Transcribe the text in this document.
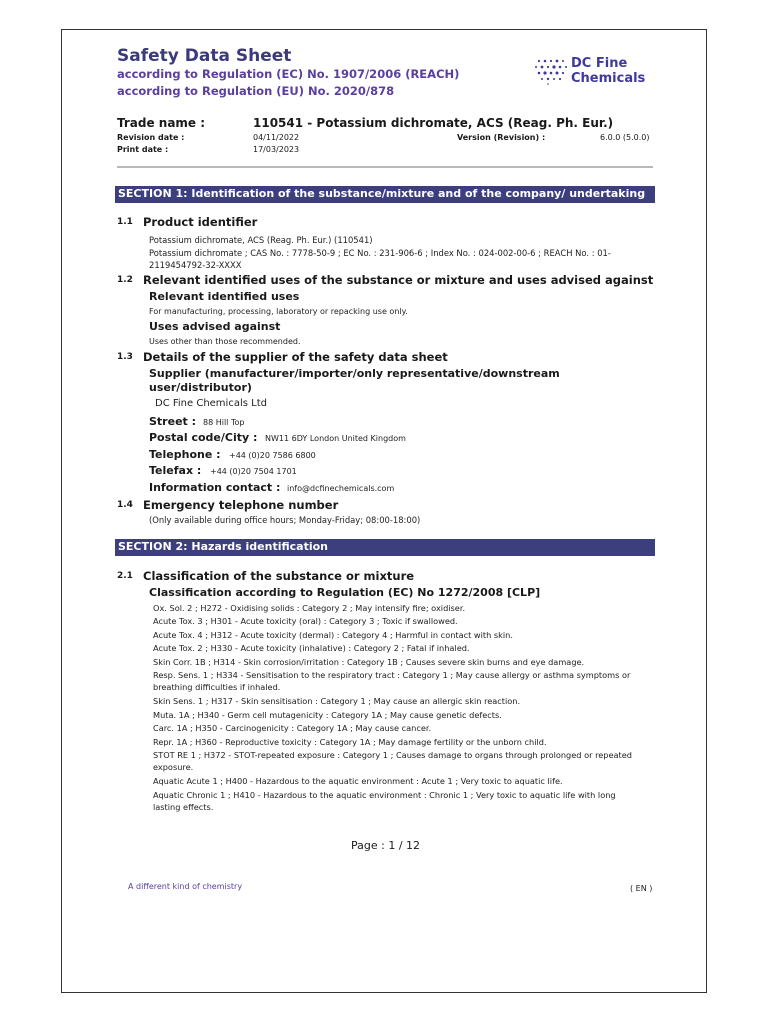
Safety Data Sheet
according to Regulation (EC) No. 1907/2006 (REACH)
according to Regulation (EU) No. 2020/878
DC Fine
Chemicals
Trade name :	110541 - Potassium dichromate, ACS (Reag. Ph. Eur.)
Revision date :	04/11/2022
Print date :	17/03/2023
Version (Revision) :	6.0.0 (5.0.0)
SECTION 1: Identification of the substance/mixture and of the company/ undertaking
1.1 Product identifier
Potassium dichromate, ACS (Reag. Ph. Eur.) (110541)
Potassium dichromate ; CAS No. : 7778-50-9 ; EC No. : 231-906-6 ; Index No. : 024-002-00-6 ; REACH No. : 01-
2119454792-32-XXXX
1.2 Relevant identified uses of the substance or mixture and uses advised against
Relevant identified uses
For manufacturing, processing, laboratory or repacking use only.
Uses advised against
Uses other than those recommended.
1.3 Details of the supplier of the safety data sheet
Supplier (manufacturer/importer/only representative/downstream
user/distributor)
DC Fine Chemicals Ltd
Street : 88 Hill Top
Postal code/City : NW11 6DY London United Kingdom
Telephone : +44 (0)20 7586 6800
Telefax : +44 (0)20 7504 1701
Information contact : info@dcfinechemicals.com
1.4 Emergency telephone number
(Only available during office hours; Monday-Friday; 08:00-18:00)
SECTION 2: Hazards identification
2.1 Classification of the substance or mixture
Classification according to Regulation (EC) No 1272/2008 [CLP]
Ox. Sol. 2 ; H272 - Oxidising solids : Category 2 ; May intensify fire; oxidiser.
Acute Tox. 3 ; H301 - Acute toxicity (oral) : Category 3 ; Toxic if swallowed.
Acute Tox. 4 ; H312 - Acute toxicity (dermal) : Category 4 ; Harmful in contact with skin.
Acute Tox. 2 ; H330 - Acute toxicity (inhalative) : Category 2 ; Fatal if inhaled.
Skin Corr. 1B ; H314 - Skin corrosion/irritation : Category 1B ; Causes severe skin burns and eye damage.
Resp. Sens. 1 ; H334 - Sensitisation to the respiratory tract : Category 1 ; May cause allergy or asthma symptoms or
breathing difficulties if inhaled.
Skin Sens. 1 ; H317 - Skin sensitisation : Category 1 ; May cause an allergic skin reaction.
Muta. 1A ; H340 - Germ cell mutagenicity : Category 1A ; May cause genetic defects.
Carc. 1A ; H350 - Carcinogenicity : Category 1A ; May cause cancer.
Repr. 1A ; H360 - Reproductive toxicity : Category 1A ; May damage fertility or the unborn child.
STOT RE 1 ; H372 - STOT-repeated exposure : Category 1 ; Causes damage to organs through prolonged or repeated
exposure.
Aquatic Acute 1 ; H400 - Hazardous to the aquatic environment : Acute 1 ; Very toxic to aquatic life.
Aquatic Chronic 1 ; H410 - Hazardous to the aquatic environment : Chronic 1 ; Very toxic to aquatic life with long
lasting effects.
Page : 1 / 12
A different kind of chemistry	( EN )
